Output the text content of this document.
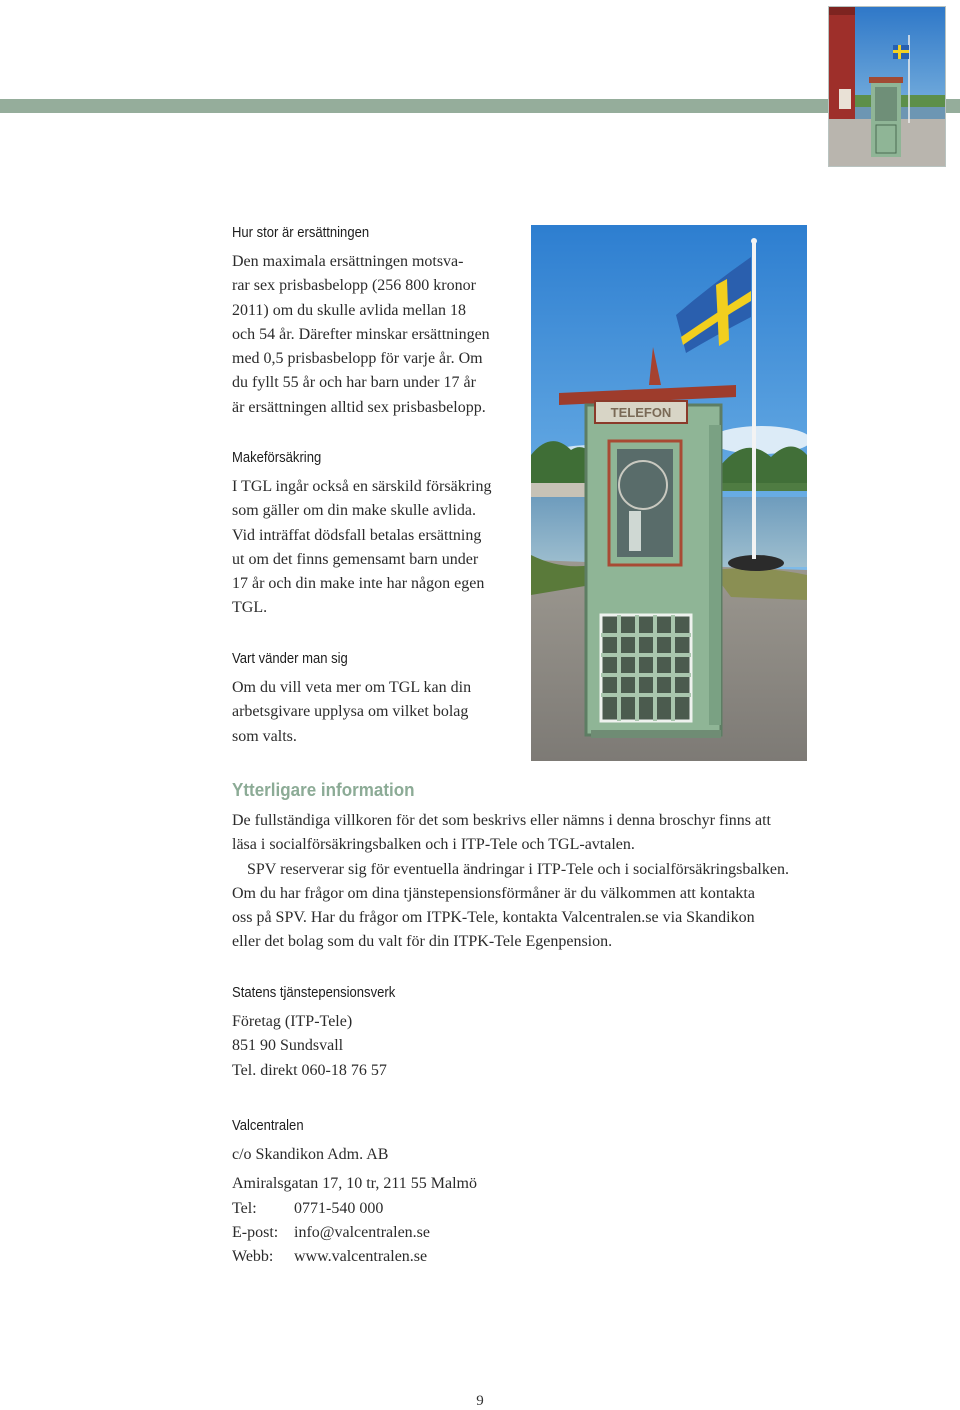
TELEFON
Hur stor är ersättningen

Den maximala ersättningen motsva-
rar sex prisbasbelopp (256 800 kronor
2011) om du skulle avlida mellan 18
och 54 år. Därefter minskar ersättningen
med 0,5 prisbasbelopp för varje år. Om
du fyllt 55 år och har barn under 17 år
är ersättningen alltid sex prisbasbelopp.

Makeförsäkring

I TGL ingår också en särskild försäkring
som gäller om din make skulle avlida.
Vid inträffat dödsfall betalas ersättning
ut om det finns gemensamt barn under
17 år och din make inte har någon egen
TGL.

Vart vänder man sig

Om du vill veta mer om TGL kan din
arbetsgivare upplysa om vilket bolag
som valts.

Ytterligare information

De fullständiga villkoren för det som beskrivs eller nämns i denna broschyr finns att
läsa i socialförsäkringsbalken och i ITP-Tele och TGL-avtalen.
SPV reserverar sig för eventuella ändringar i ITP-Tele och i socialförsäkringsbalken.
Om du har frågor om dina tjänstepensionsförmåner är du välkommen att kontakta
oss på SPV. Har du frågor om ITPK-Tele, kontakta Valcentralen.se via Skandikon
eller det bolag som du valt för din ITPK-Tele Egenpension.

Statens tjänstepensionsverk

Företag (ITP-Tele)
851 90 Sundsvall
Tel. direkt 060-18 76 57

Valcentralen

c/o Skandikon Adm. AB

Amiralsgatan 17, 10 tr, 211 55 Malmö
Tel:	0771-540 000
E-post: info@valcentralen.se
Webb:	www.valcentralen.se

9
